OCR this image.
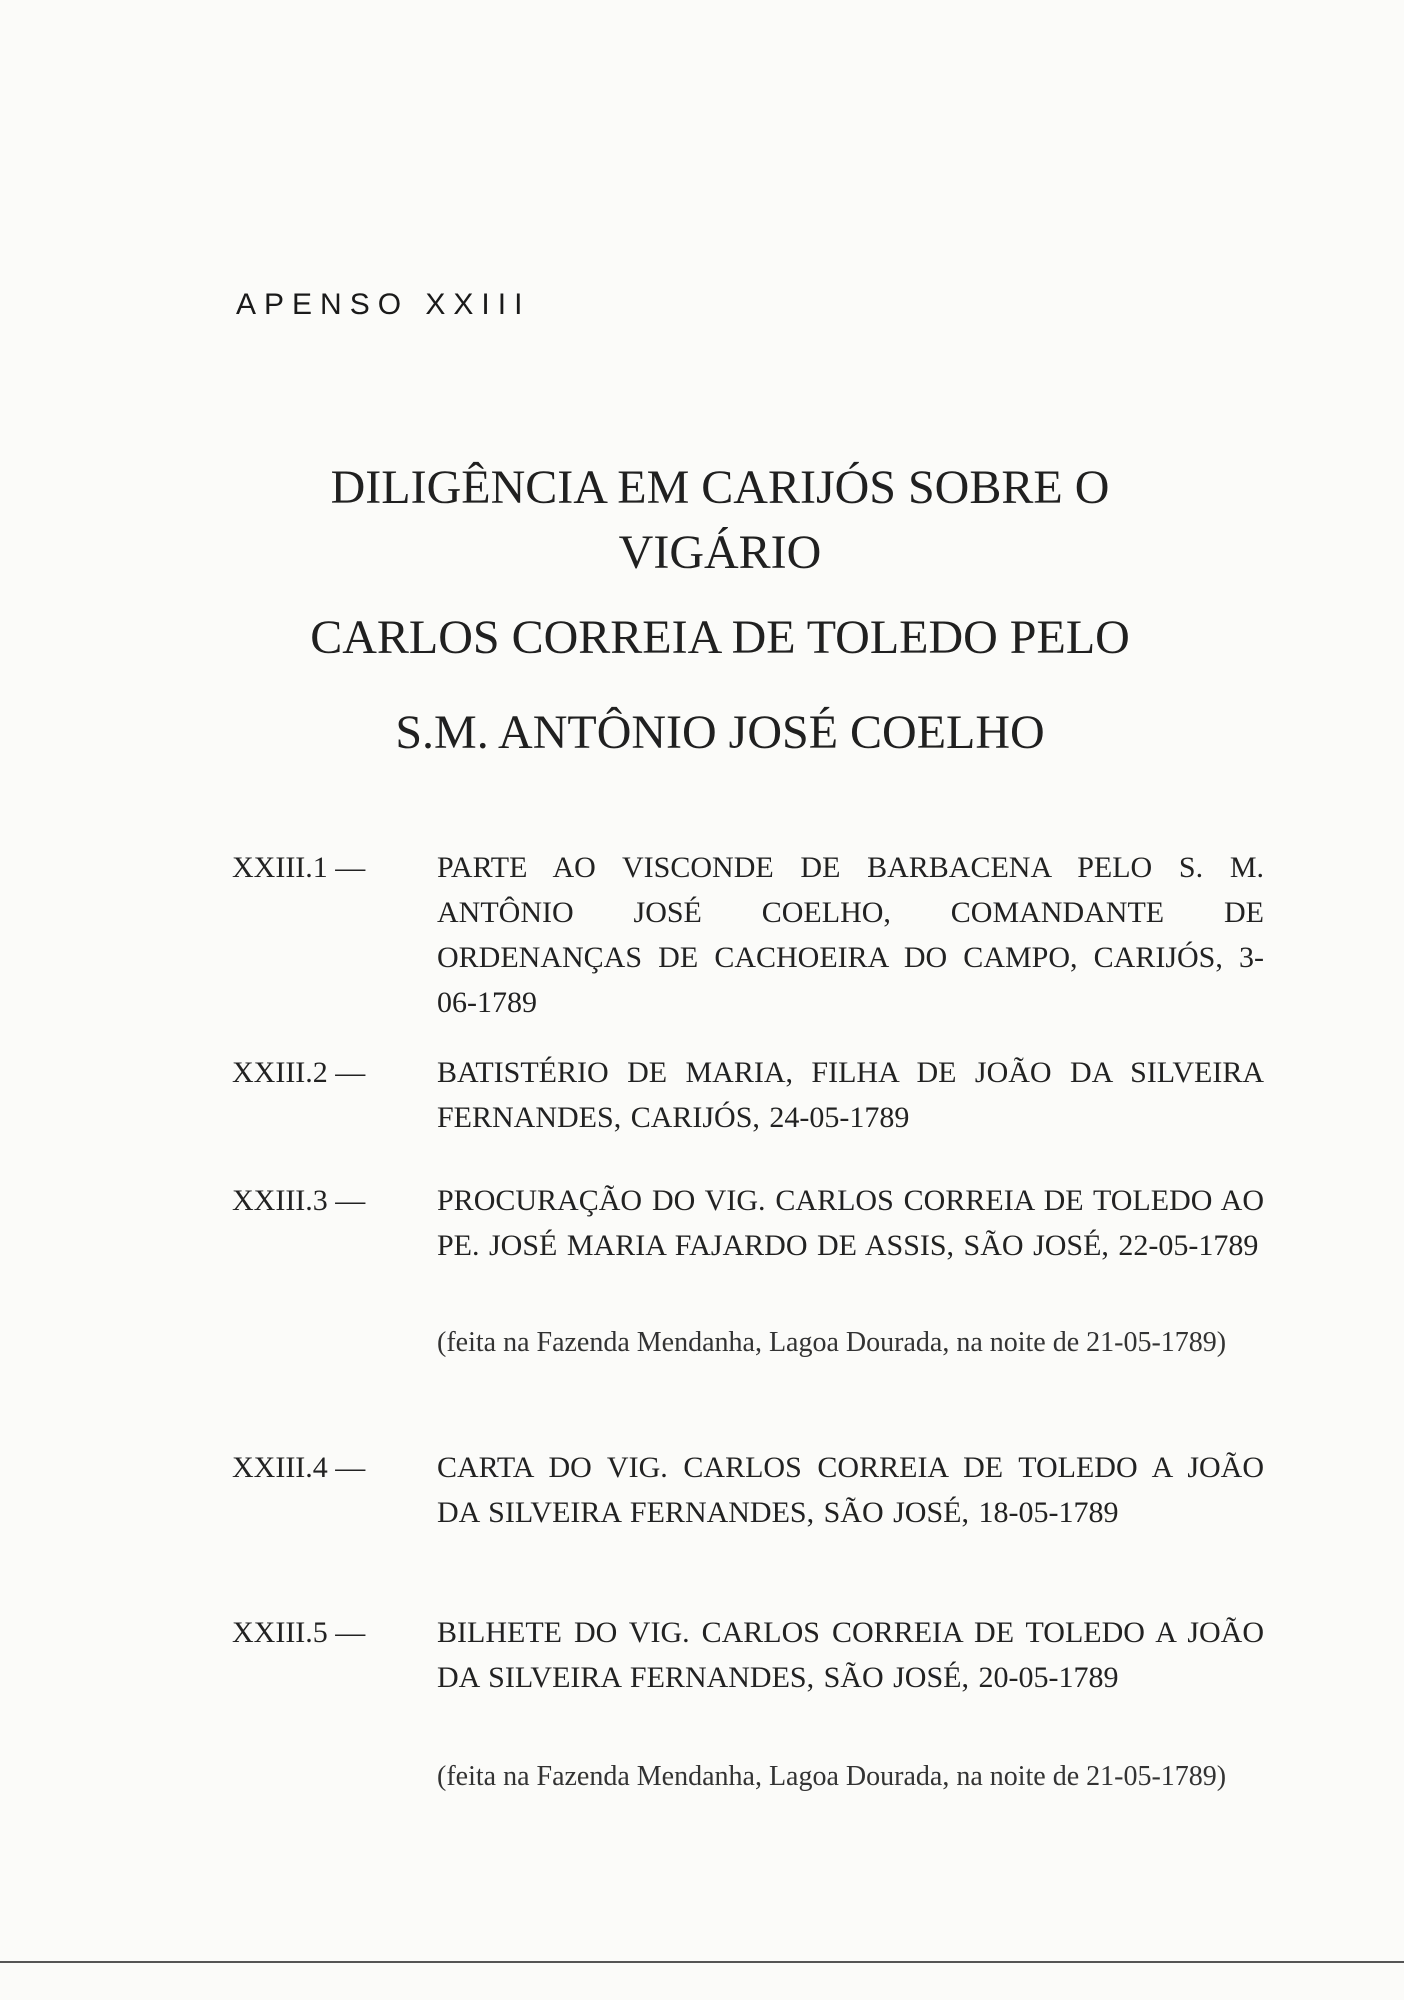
APENSO XXIII
DILIGÊNCIA EM CARIJÓS SOBRE O
VIGÁRIO
CARLOS CORREIA DE TOLEDO PELO
S.M. ANTÔNIO JOSÉ COELHO
XXIII.1 — PARTE AO VISCONDE DE BARBACENA PELO S. M. ANTÔNIO JOSÉ COELHO, COMANDANTE DE ORDENANÇAS DE CACHOEIRA DO CAMPO, CARIJÓS, 3-06-1789
XXIII.2 — BATISTÉRIO DE MARIA, FILHA DE JOÃO DA SILVEIRA FERNANDES, CARIJÓS, 24-05-1789
XXIII.3 — PROCURAÇÃO DO VIG. CARLOS CORREIA DE TOLEDO AO PE. JOSÉ MARIA FAJARDO DE ASSIS, SÃO JOSÉ, 22-05-1789
(feita na Fazenda Mendanha, Lagoa Dourada, na noite de 21-05-1789)
XXIII.4 — CARTA DO VIG. CARLOS CORREIA DE TOLEDO A JOÃO DA SILVEIRA FERNANDES, SÃO JOSÉ, 18-05-1789
XXIII.5 — BILHETE DO VIG. CARLOS CORREIA DE TOLEDO A JOÃO DA SILVEIRA FERNANDES, SÃO JOSÉ, 20-05-1789
(feita na Fazenda Mendanha, Lagoa Dourada, na noite de 21-05-1789)
